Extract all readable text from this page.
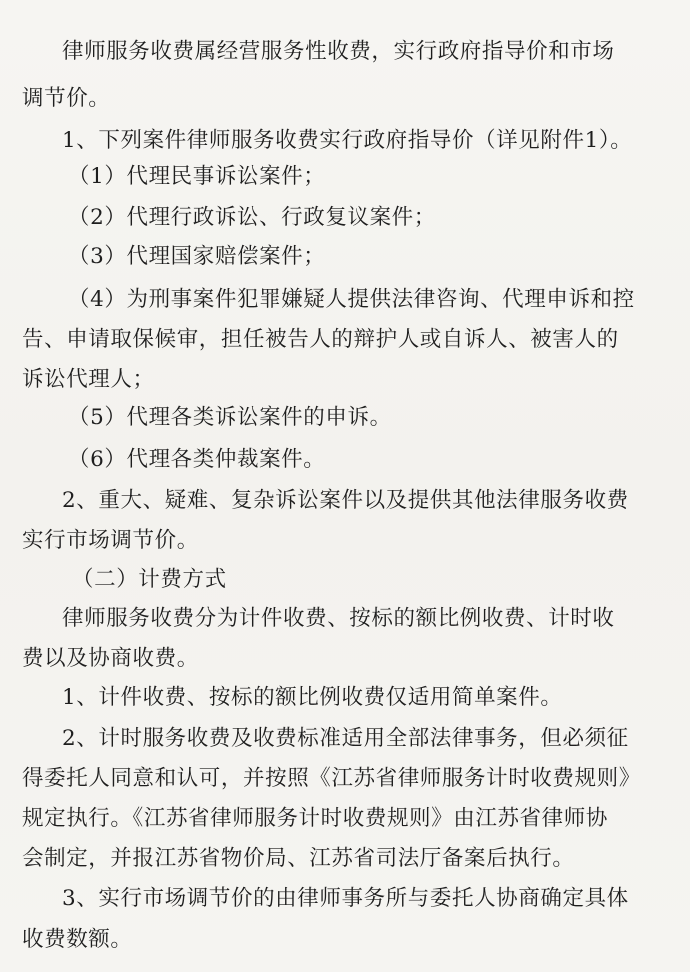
律师服务收费属经营服务性收费，实行政府指导价和市场
调节价。
1、下列案件律师服务收费实行政府指导价（详见附件1）。
（1）代理民事诉讼案件；
（2）代理行政诉讼、行政复议案件；
（3）代理国家赔偿案件；
（4）为刑事案件犯罪嫌疑人提供法律咨询、代理申诉和控
告、申请取保候审，担任被告人的辩护人或自诉人、被害人的
诉讼代理人；
（5）代理各类诉讼案件的申诉。
（6）代理各类仲裁案件。
2、重大、疑难、复杂诉讼案件以及提供其他法律服务收费
实行市场调节价。
（二）计费方式
律师服务收费分为计件收费、按标的额比例收费、计时收
费以及协商收费。
1、计件收费、按标的额比例收费仅适用简单案件。
2、计时服务收费及收费标准适用全部法律事务，但必须征
得委托人同意和认可，并按照《江苏省律师服务计时收费规则》
规定执行。《江苏省律师服务计时收费规则》由江苏省律师协
会制定，并报江苏省物价局、江苏省司法厅备案后执行。
3、实行市场调节价的由律师事务所与委托人协商确定具体
收费数额。
